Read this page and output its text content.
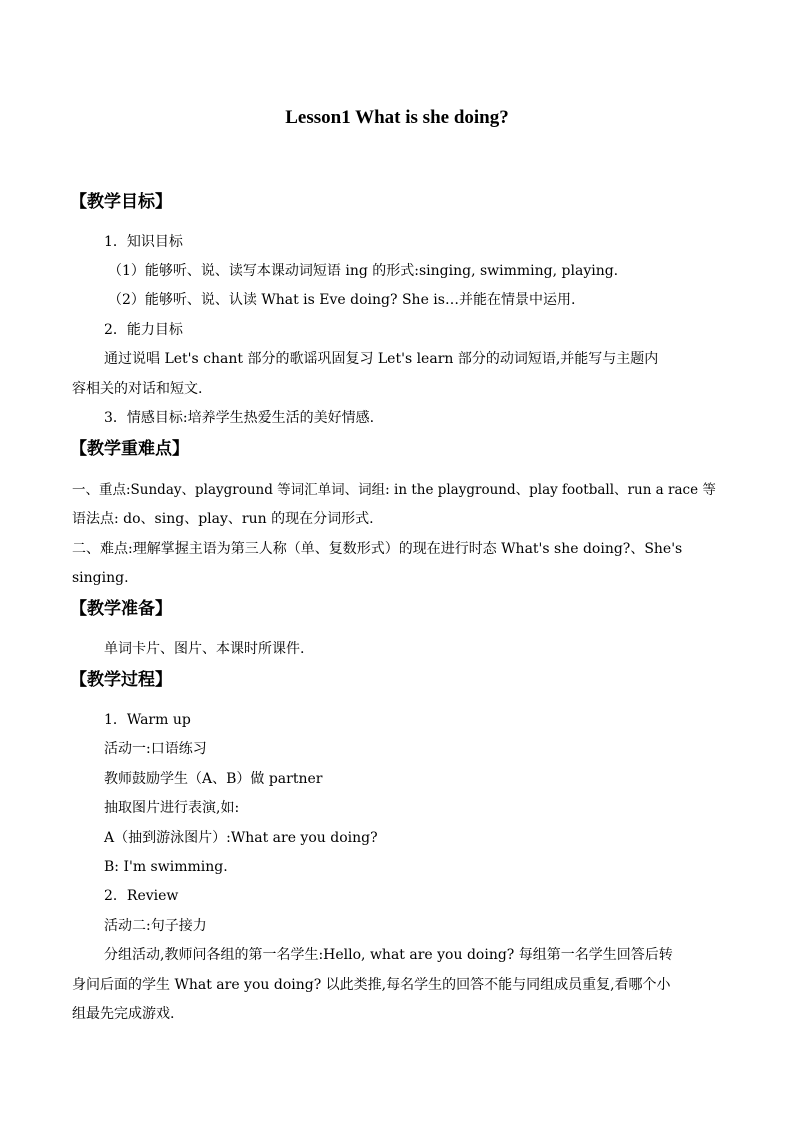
Lesson1 What is she doing?
【教学目标】
1．知识目标
（1）能够听、说、读写本课动词短语 ing 的形式:singing, swimming, playing.
（2）能够听、说、认读 What is Eve doing? She is…并能在情景中运用.
2．能力目标
通过说唱 Let's chant 部分的歌谣巩固复习 Let's learn 部分的动词短语,并能写与主题内
容相关的对话和短文.
3．情感目标:培养学生热爱生活的美好情感.
【教学重难点】
一、重点:Sunday、playground 等词汇单词、词组: in the playground、play football、run a race 等
语法点: do、sing、play、run 的现在分词形式.
二、难点:理解掌握主语为第三人称（单、复数形式）的现在进行时态 What's she doing?、She's
singing.
【教学准备】
单词卡片、图片、本课时所课件.
【教学过程】
1．Warm up
活动一:口语练习
教师鼓励学生（A、B）做 partner
抽取图片进行表演,如:
A（抽到游泳图片）:What are you doing?
B: I'm swimming.
2．Review
活动二:句子接力
分组活动,教师问各组的第一名学生:Hello, what are you doing? 每组第一名学生回答后转
身问后面的学生 What are you doing? 以此类推,每名学生的回答不能与同组成员重复,看哪个小
组最先完成游戏.
